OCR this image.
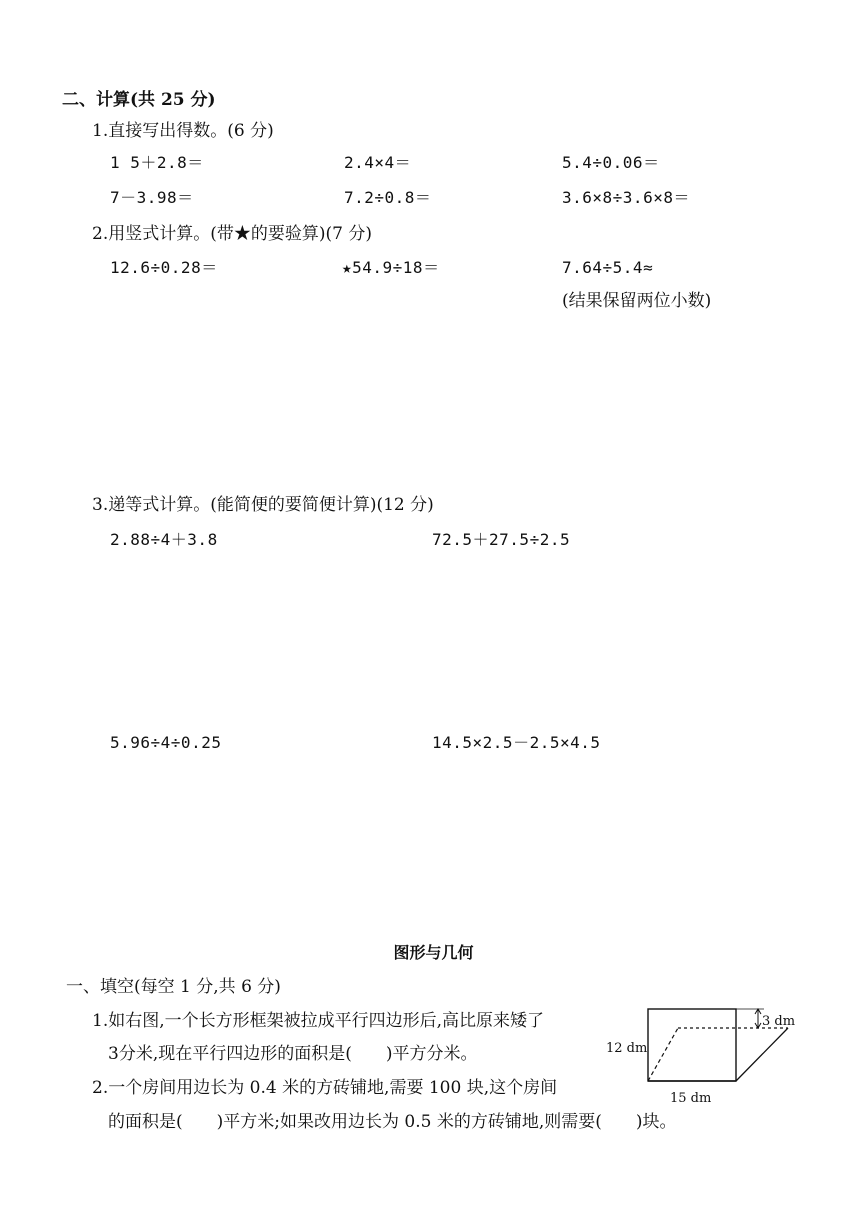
二、计算(共 25 分)
1.直接写出得数。(6 分)
1 5＋2.8＝	2.4×4＝	5.4÷0.06＝
7－3.98＝	7.2÷0.8＝	3.6×8÷3.6×8＝
2.用竖式计算。(带★的要验算)(7 分)
12.6÷0.28＝	★54.9÷18＝	7.64÷5.4≈
(结果保留两位小数)
3.递等式计算。(能简便的要简便计算)(12 分)
2.88÷4＋3.8	72.5＋27.5÷2.5
5.96÷4÷0.25	14.5×2.5－2.5×4.5
图形与几何
一、填空(每空 1 分,共 6 分)
1.如右图,一个长方形框架被拉成平行四边形后,高比原来矮了
3分米,现在平行四边形的面积是(　　)平方分米。
2.一个房间用边长为 0.4 米的方砖铺地,需要 100 块,这个房间
的面积是(　　)平方米;如果改用边长为 0.5 米的方砖铺地,则需要(　　)块。
3 dm
12 dm
15 dm
